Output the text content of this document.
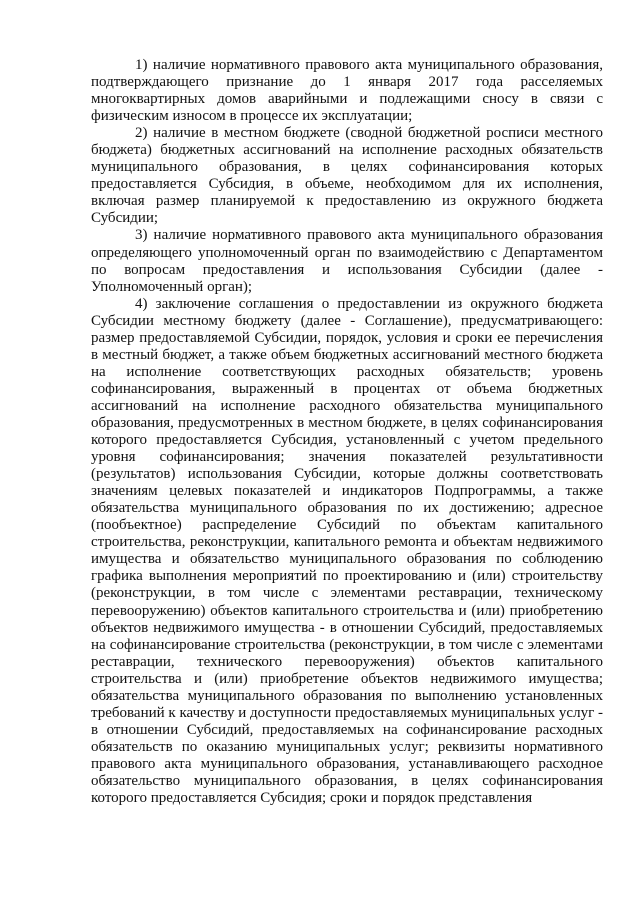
1) наличие нормативного правового акта муниципального образования, подтверждающего признание до 1 января 2017 года расселяемых многоквартирных домов аварийными и подлежащими сносу в связи с физическим износом в процессе их эксплуатации;

2) наличие в местном бюджете (сводной бюджетной росписи местного бюджета) бюджетных ассигнований на исполнение расходных обязательств муниципального образования, в целях софинансирования которых предоставляется Субсидия, в объеме, необходимом для их исполнения, включая размер планируемой к предоставлению из окружного бюджета Субсидии;

3) наличие нормативного правового акта муниципального образования определяющего уполномоченный орган по взаимодействию с Департаментом по вопросам предоставления и использования Субсидии (далее - Уполномоченный орган);

4) заключение соглашения о предоставлении из окружного бюджета Субсидии местному бюджету (далее - Соглашение), предусматривающего: размер предоставляемой Субсидии, порядок, условия и сроки ее перечисления в местный бюджет, а также объем бюджетных ассигнований местного бюджета на исполнение соответствующих расходных обязательств; уровень софинансирования, выраженный в процентах от объема бюджетных ассигнований на исполнение расходного обязательства муниципального образования, предусмотренных в местном бюджете, в целях софинансирования которого предоставляется Субсидия, установленный с учетом предельного уровня софинансирования; значения показателей результативности (результатов) использования Субсидии, которые должны соответствовать значениям целевых показателей и индикаторов Подпрограммы, а также обязательства муниципального образования по их достижению; адресное (пообъектное) распределение Субсидий по объектам капитального строительства, реконструкции, капитального ремонта и объектам недвижимого имущества и обязательство муниципального образования по соблюдению графика выполнения мероприятий по проектированию и (или) строительству (реконструкции, в том числе с элементами реставрации, техническому перевооружению) объектов капитального строительства и (или) приобретению объектов недвижимого имущества - в отношении Субсидий, предоставляемых на софинансирование строительства (реконструкции, в том числе с элементами реставрации, технического перевооружения) объектов капитального строительства и (или) приобретение объектов недвижимого имущества; обязательства муниципального образования по выполнению установленных требований к качеству и доступности предоставляемых муниципальных услуг - в отношении Субсидий, предоставляемых на софинансирование расходных обязательств по оказанию муниципальных услуг; реквизиты нормативного правового акта муниципального образования, устанавливающего расходное обязательство муниципального образования, в целях софинансирования которого предоставляется Субсидия; сроки и порядок представления
